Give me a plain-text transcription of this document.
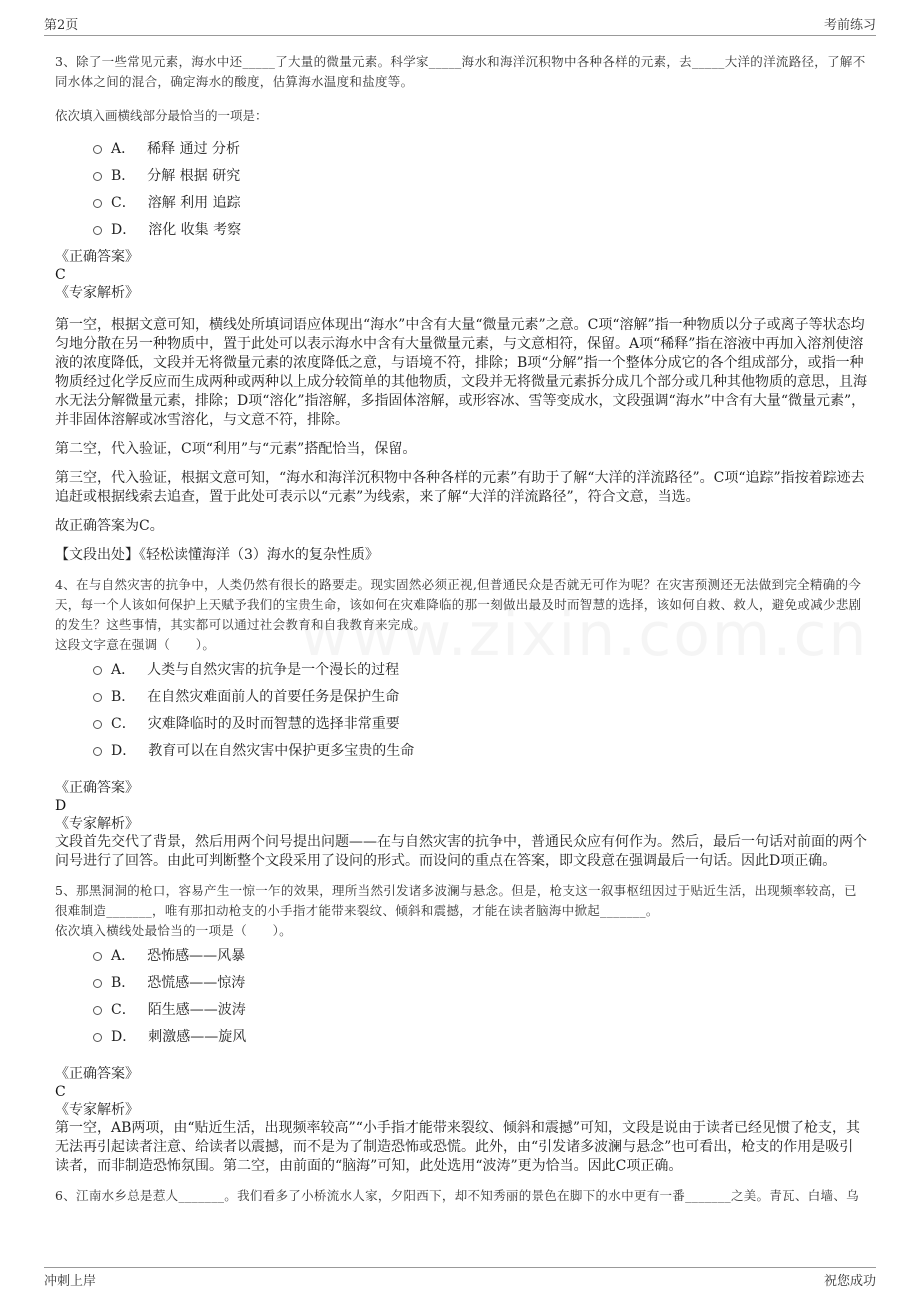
第2页	考前练习
3、除了一些常见元素，海水中还_____了大量的微量元素。科学家_____海水和海洋沉积物中各种各样的元素，去_____大洋的洋流路径，了解不同水体之间的混合，确定海水的酸度，估算海水温度和盐度等。
依次填入画横线部分最恰当的一项是：
A． 稀释 通过 分析
B． 分解 根据 研究
C． 溶解 利用 追踪
D． 溶化 收集 考察
《正确答案》
C
《专家解析》

第一空，根据文意可知，横线处所填词语应体现出“海水”中含有大量“微量元素”之意。C项“溶解”指一种物质以分子或离子等状态均匀地分散在另一种物质中，置于此处可以表示海水中含有大量微量元素，与文意相符，保留。A项“稀释”指在溶液中再加入溶剂使溶液的浓度降低，文段并无将微量元素的浓度降低之意，与语境不符，排除；B项“分解”指一个整体分成它的各个组成部分，或指一种物质经过化学反应而生成两种或两种以上成分较简单的其他物质，文段并无将微量元素拆分成几个部分或几种其他物质的意思，且海水无法分解微量元素，排除；D项“溶化”指溶解，多指固体溶解，或形容冰、雪等变成水，文段强调“海水”中含有大量“微量元素”，并非固体溶解或冰雪溶化，与文意不符，排除。

第二空，代入验证，C项“利用”与“元素”搭配恰当，保留。

第三空，代入验证，根据文意可知，“海水和海洋沉积物中各种各样的元素”有助于了解“大洋的洋流路径”。C项“追踪”指按着踪迹去追赶或根据线索去追查，置于此处可表示以“元素”为线索，来了解“大洋的洋流路径”，符合文意，当选。

故正确答案为C。

【文段出处】《轻松读懂海洋（3）海水的复杂性质》

4、在与自然灾害的抗争中，人类仍然有很长的路要走。现实固然必须正视,但普通民众是否就无可作为呢？在灾害预测还无法做到完全精确的今天，每一个人该如何保护上天赋予我们的宝贵生命，该如何在灾难降临的那一刻做出最及时而智慧的选择，该如何自救、救人，避免或减少悲剧的发生？这些事情，其实都可以通过社会教育和自我教育来完成。
这段文字意在强调（　　）。
A． 人类与自然灾害的抗争是一个漫长的过程
B． 在自然灾难面前人的首要任务是保护生命
C． 灾难降临时的及时而智慧的选择非常重要
D． 教育可以在自然灾害中保护更多宝贵的生命
《正确答案》
D
《专家解析》

文段首先交代了背景，然后用两个问号提出问题——在与自然灾害的抗争中，普通民众应有何作为。然后，最后一句话对前面的两个问号进行了回答。由此可判断整个文段采用了设问的形式。而设问的重点在答案，即文段意在强调最后一句话。因此D项正确。

5、那黑洞洞的枪口，容易产生一惊一乍的效果，理所当然引发诸多波澜与悬念。但是，枪支这一叙事枢纽因过于贴近生活，出现频率较高，已很难制造_______，唯有那扣动枪支的小手指才能带来裂纹、倾斜和震撼，才能在读者脑海中掀起_______。
依次填入横线处最恰当的一项是（　　）。
A． 恐怖感——风暴
B． 恐慌感——惊涛
C． 陌生感——波涛
D． 刺激感——旋风
《正确答案》
C
《专家解析》

第一空，AB两项，由“贴近生活，出现频率较高”“小手指才能带来裂纹、倾斜和震撼”可知，文段是说由于读者已经见惯了枪支，其无法再引起读者注意、给读者以震撼，而不是为了制造恐怖或恐慌。此外，由“引发诸多波澜与悬念”也可看出，枪支的作用是吸引读者，而非制造恐怖氛围。第二空，由前面的“脑海”可知，此处选用“波涛”更为恰当。因此C项正确。

6、江南水乡总是惹人_______。我们看多了小桥流水人家，夕阳西下，却不知秀丽的景色在脚下的水中更有一番_______之美。青瓦、白墙、乌
冲刺上岸	祝您成功
